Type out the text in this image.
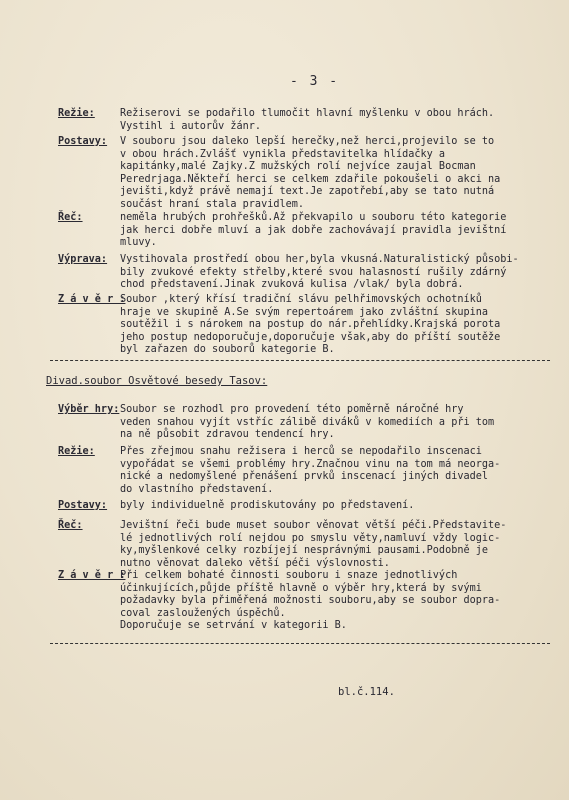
- 3 -
Režie:	Režiserovi se podařilo tlumočit hlavní myšlenku v obou hrách.
Vystihl i autorův žánr.
Postavy:	V souboru jsou daleko lepší herečky,než herci,projevilo se to
v obou hrách.Zvlášť vynikla představitelka hlídačky a
kapitánky,malé Zajky.Z mužských rolí nejvíce zaujal Bocman
Peredrjaga.Někteří herci se celkem zdařile pokoušeli o akci na
jevišti,když právě nemají text.Je zapotřebí,aby se tato nutná
součást hraní stala pravidlem.
Řeč:	neměla hrubých prohřešků.Až překvapilo u souboru této kategorie
jak herci dobře mluví a jak dobře zachovávají pravidla jevištní
mluvy.
Výprava:	Vystihovala prostředí obou her,byla vkusná.Naturalistický působi-
bily zvukové efekty střelby,které svou halasností rušily zdárný
chod představení.Jinak zvuková kulisa /vlak/ byla dobrá.
Z á v ě r :
Soubor ,který křísí tradiční slávu pelhřimovských ochotníků
hraje ve skupině A.Se svým repertoárem jako zvláštní skupina
soutěžil i s nárokem na postup do nár.přehlídky.Krajská porota
jeho postup nedoporučuje,doporučuje však,aby do příští soutěže
byl zařazen do souborů kategorie B.
Divad.soubor Osvětové besedy Tasov:
Výběr hry: Soubor se rozhodl pro provedení této poměrně náročné hry
veden snahou vyjít vstříc zálibě diváků v komediích a při tom
na ně působit zdravou tendencí hry.
Režie:	Přes zřejmou snahu režisera i herců se nepodařilo inscenaci
vypořádat se všemi problémy hry.Značnou vinu na tom má neorga-
nické a nedomyšlené přenášení prvků inscenací jiných divadel
do vlastního představení.
Postavy:	byly individuelně prodiskutovány po představení.
Řeč:	Jevištní řeči bude muset soubor věnovat větší péči.Představite-
lé jednotlivých rolí nejdou po smyslu věty,namluví vždy logic-
ky,myšlenkové celky rozbíjejí nesprávnými pausami.Podobně je
nutno věnovat daleko větší péči výslovnosti.
Z á v ě r :
Při celkem bohaté činnosti souboru i snaze jednotlivých
účinkujících,půjde příště hlavně o výběr hry,která by svými
požadavky byla přiměřená možnosti souboru,aby se soubor dopra-
coval zasloužených úspěchů.
Doporučuje se setrvání v kategorii B.
bl.č.114.
